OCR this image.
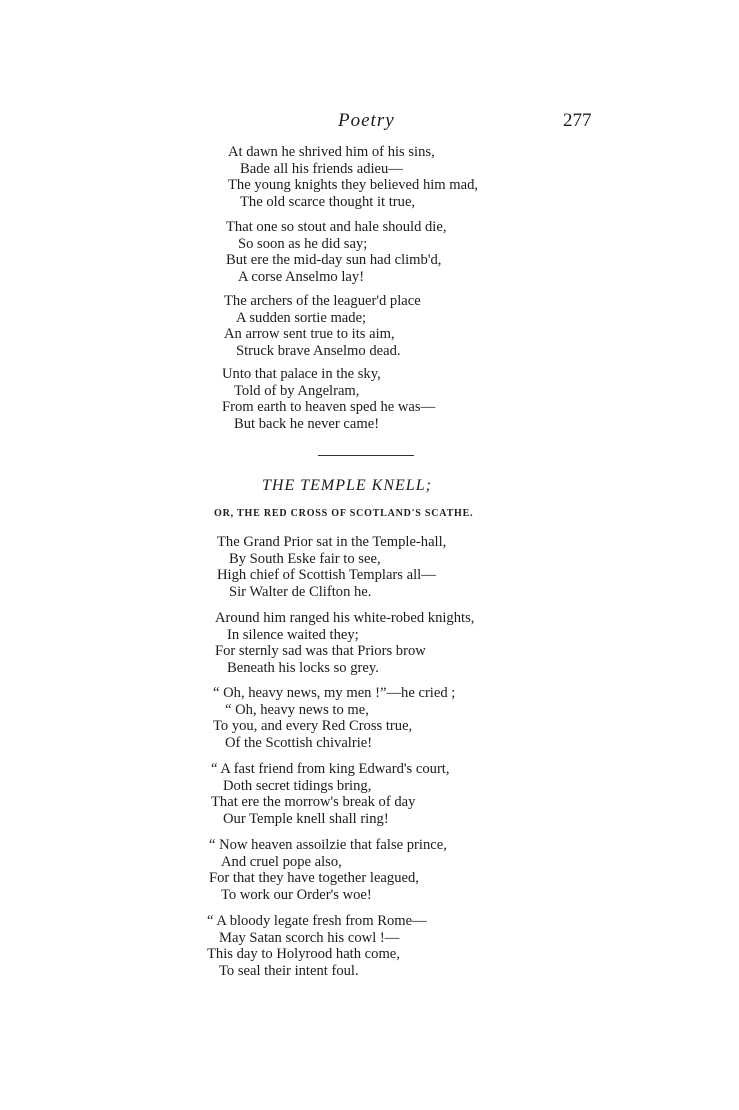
Poetry	277
At dawn he shrived him of his sins,
Bade all his friends adieu—
The young knights they believed him mad,
The old scarce thought it true,
That one so stout and hale should die,
So soon as he did say;
But ere the mid-day sun had climb'd,
A corse Anselmo lay!
The archers of the leaguer'd place
A sudden sortie made;
An arrow sent true to its aim,
Struck brave Anselmo dead.
Unto that palace in the sky,
Told of by Angelram,
From earth to heaven sped he was—
But back he never came!
THE TEMPLE KNELL;
OR, THE RED CROSS OF SCOTLAND'S SCATHE.
The Grand Prior sat in the Temple-hall,
By South Eske fair to see,
High chief of Scottish Templars all—
Sir Walter de Clifton he.
Around him ranged his white-robed knights,
In silence waited they;
For sternly sad was that Priors brow
Beneath his locks so grey.
“ Oh, heavy news, my men !”—he cried ;
“ Oh, heavy news to me,
To you, and every Red Cross true,
Of the Scottish chivalrie!
“ A fast friend from king Edward's court,
Doth secret tidings bring,
That ere the morrow's break of day
Our Temple knell shall ring!
“ Now heaven assoilzie that false prince,
And cruel pope also,
For that they have together leagued,
To work our Order's woe!
“ A bloody legate fresh from Rome—
May Satan scorch his cowl !—
This day to Holyrood hath come,
To seal their intent foul.
